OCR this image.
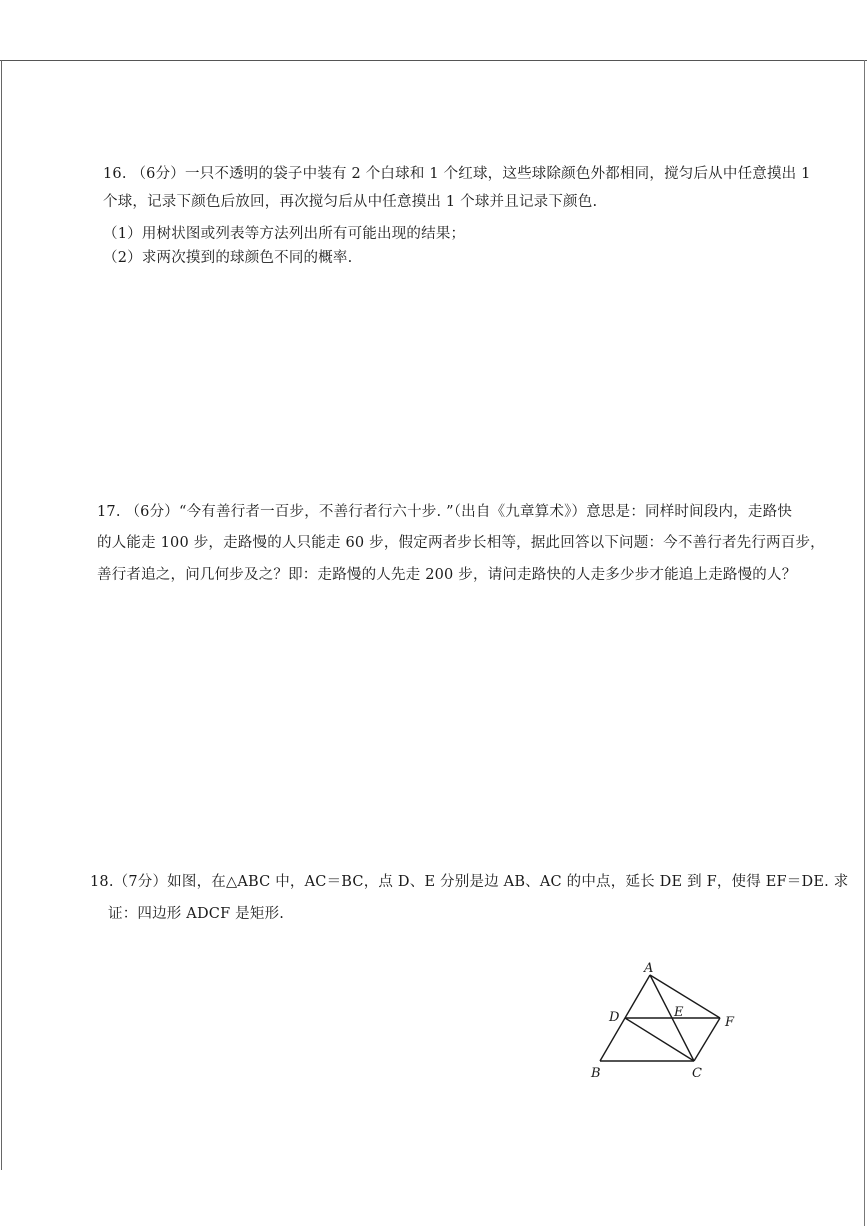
16. （6分）一只不透明的袋子中装有 2 个白球和 1 个红球，这些球除颜色外都相同，搅匀后从中任意摸出 1
个球，记录下颜色后放回，再次搅匀后从中任意摸出 1 个球并且记录下颜色.
（1）用树状图或列表等方法列出所有可能出现的结果；
（2）求两次摸到的球颜色不同的概率.
17. （6分）“今有善行者一百步，不善行者行六十步. ”（出自《九章算术》）意思是：同样时间段内，走路快
的人能走 100 步，走路慢的人只能走 60 步，假定两者步长相等，据此回答以下问题：今不善行者先行两百步，
善行者追之，问几何步及之？即：走路慢的人先走 200 步，请问走路快的人走多少步才能追上走路慢的人？
18.（7分）如图，在△ABC 中，AC＝BC，点 D、E 分别是边 AB、AC 的中点，延长 DE 到 F，使得 EF＝DE. 求
证：四边形 ADCF 是矩形.
A
B	C
D	E
F
